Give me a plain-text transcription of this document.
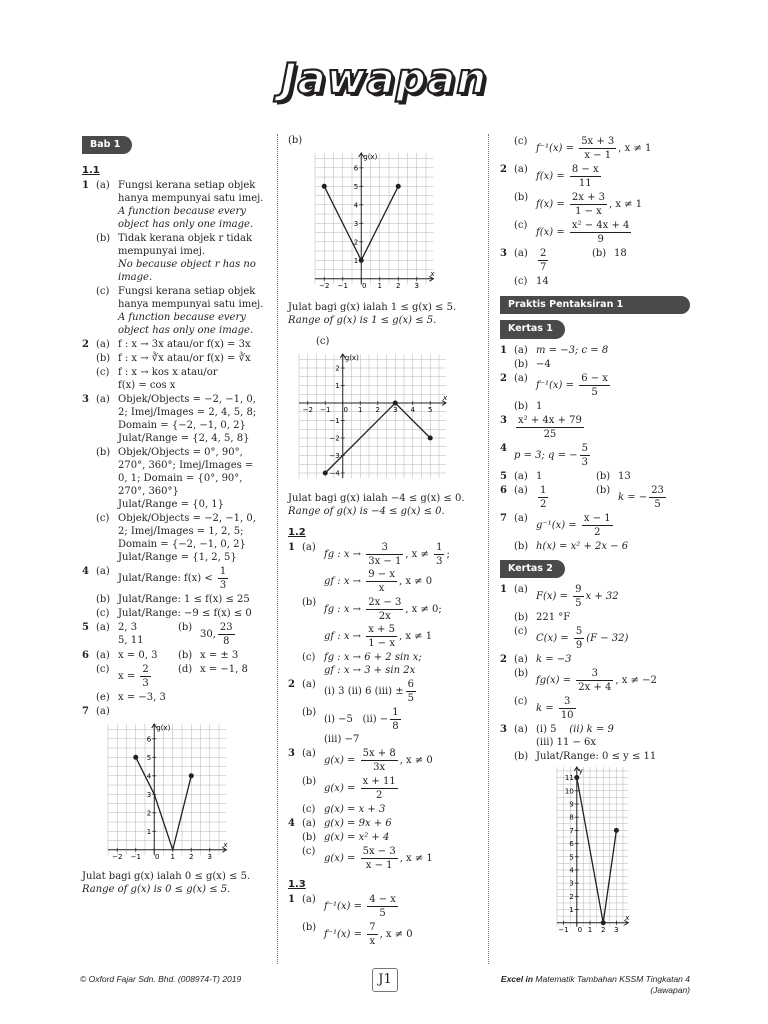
Jawapan
Bab 1
1.1
1 (a) Fungsi kerana setiap objek hanya mempunyai satu imej.
A function because every object has only one image.
(b) Tidak kerana objek r tidak mempunyai imej.
No because object r has no image.
(c) Fungsi kerana setiap objek hanya mempunyai satu imej.
A function because every object has only one image.
2 (a) f : x → 3x atau/or f(x) = 3x
(b) f : x → ∛x atau/or f(x) = ∛x
(c) f : x → kos x atau/or
f(x) = cos x
3 (a) Objek/Objects = −2, −1, 0, 2; Imej/Images = 2, 4, 5, 8;
Domain = {−2, −1, 0, 2}
Julat/Range = {2, 4, 5, 8}
(b) Objek/Objects = 0°, 90°, 270°, 360°; Imej/Images = 0, 1; Domain = {0°, 90°, 270°, 360°}
Julat/Range = {0, 1}
(c) Objek/Objects = −2, −1, 0, 2; Imej/Images = 1, 2, 5; Domain = {−2, −1, 0, 2}
Julat/Range = {1, 2, 5}
4 (a)
Julat/Range: $f(x) < \frac{1}{3}$
(b) Julat/Range: 1 ≤ f(x) ≤ 25
(c) Julat/Range: −9 ≤ f(x) ≤ 0
5 (a) 2, 3
5, 11
(b)
30, $\frac{23}{8}$
6 (a) x = 0, 3	(b) x = ± 3
(c)
$x = \frac{2}{3}$	(d) x = −1, 8
(e) x = −3, 3
7 (a)
x
g(x)
−2 −1 0 1 2 3
1
2
3
4
5
6
Julat bagi g(x) ialah 0 ≤ g(x) ≤ 5.
Range of g(x) is 0 ≤ g(x) ≤ 5.
(b)
x
g(x)
−2 −1 0 1 2 3
1
2
3
4
5
6
Julat bagi g(x) ialah 1 ≤ g(x) ≤ 5.
Range of g(x) is 1 ≤ g(x) ≤ 5.
(c)
x
g(x)
−2 −1 0 1 2 3 4 5
−4
−3
−2
−1
1
2
Julat bagi g(x) ialah −4 ≤ g(x) ≤ 0.
Range of g(x) is −4 ≤ g(x) ≤ 0.
1.2
1 (a)
fg : $x \to \frac{3}{3x - 1}$ , $x \ne \frac{1}{3}$ ;
gf : $x \to \frac{9 - x}{x}$ , x ≠ 0
(b)
fg : $x \to \frac{2x - 3}{2x}$ , x ≠ 0;
gf : $x \to \frac{x + 5}{1 - x}$ , x ≠ 1
(c) fg : x → 6 + 2 sin x;
gf : x → 3 + sin 2x
2 (a)
(i) 3 (ii) 6 $(iii) \pm \frac{6}{5}$
(b)
(i) −5 $(ii) - \frac{1}{8}$

(iii) −7
3 (a)
$g(x) = \frac{5x + 8}{3x}$ , x ≠ 0
(b)
$g(x) = \frac{x + 11}{2}$
(c) g(x) = x + 3
4 (a) g(x) = 9x + 6
(b) g(x) = x² + 4
(c)
$g(x) = \frac{5x - 3}{x - 1}$ , x ≠ 1
1.3
1 (a)
$f^{-1}(x) = \frac{4 - x}{5}$
(b)
$f^{-1}(x) = \frac{7}{x}$ , x ≠ 0
(c)
$f^{-1}(x) = \frac{5x + 3}{x - 1}$ , x ≠ 1
2 (a)
$f(x) = \frac{8 - x}{11}$
(b)
$f(x) = \frac{2x + 3}{1 - x}$ , x ≠ 1
(c)
$f(x) = \frac{\text{x² − 4x + 4}}{9}$
3 (a)	$\frac{2}{7}$	(b) 18
(c) 14
Praktis Pentaksiran 1
Kertas 1
1 (a) m = −3; c = 8
(b) −4
2 (a)
$f^{-1}(x) = \frac{6 - x}{5}$
(b) 1
$3 \frac{\text{x² + 4x + 79}}{25}$
4
p = 3; q = − $\frac{5}{3}$
5 (a) 1	(b) 13
6 (a)	$\frac{1}{2}$	(b)
k = − $\frac{23}{5}$
7 (a)
$g^{-1}(x) = \frac{x - 1}{2}$
(b) h(x) = x² + 2x − 6
Kertas 2
1 (a)
$F(x) = \frac{9}{5}$ x + 32
(b) 221 °F
(c)
$C(x) = \frac{5}{9} (F - 32)$
2 (a) k = −3
(b)
$fg(x) = \frac{3}{2x + 4}$ , x ≠ −2
(c)
$k = \frac{3}{10}$
3 (a) (i) 5 (ii) k = 9
(iii) 11 − 6x
(b) Julat/Range: 0 ≤ y ≤ 11
x
y
−1 0 1 2 3
1
2
3
4
5
6
7
8
9
10
11
© Oxford Fajar Sdn. Bhd. (008974-T) 2019	J1	Excel in Matematik Tambahan KSSM Tingkatan 4
(Jawapan)
